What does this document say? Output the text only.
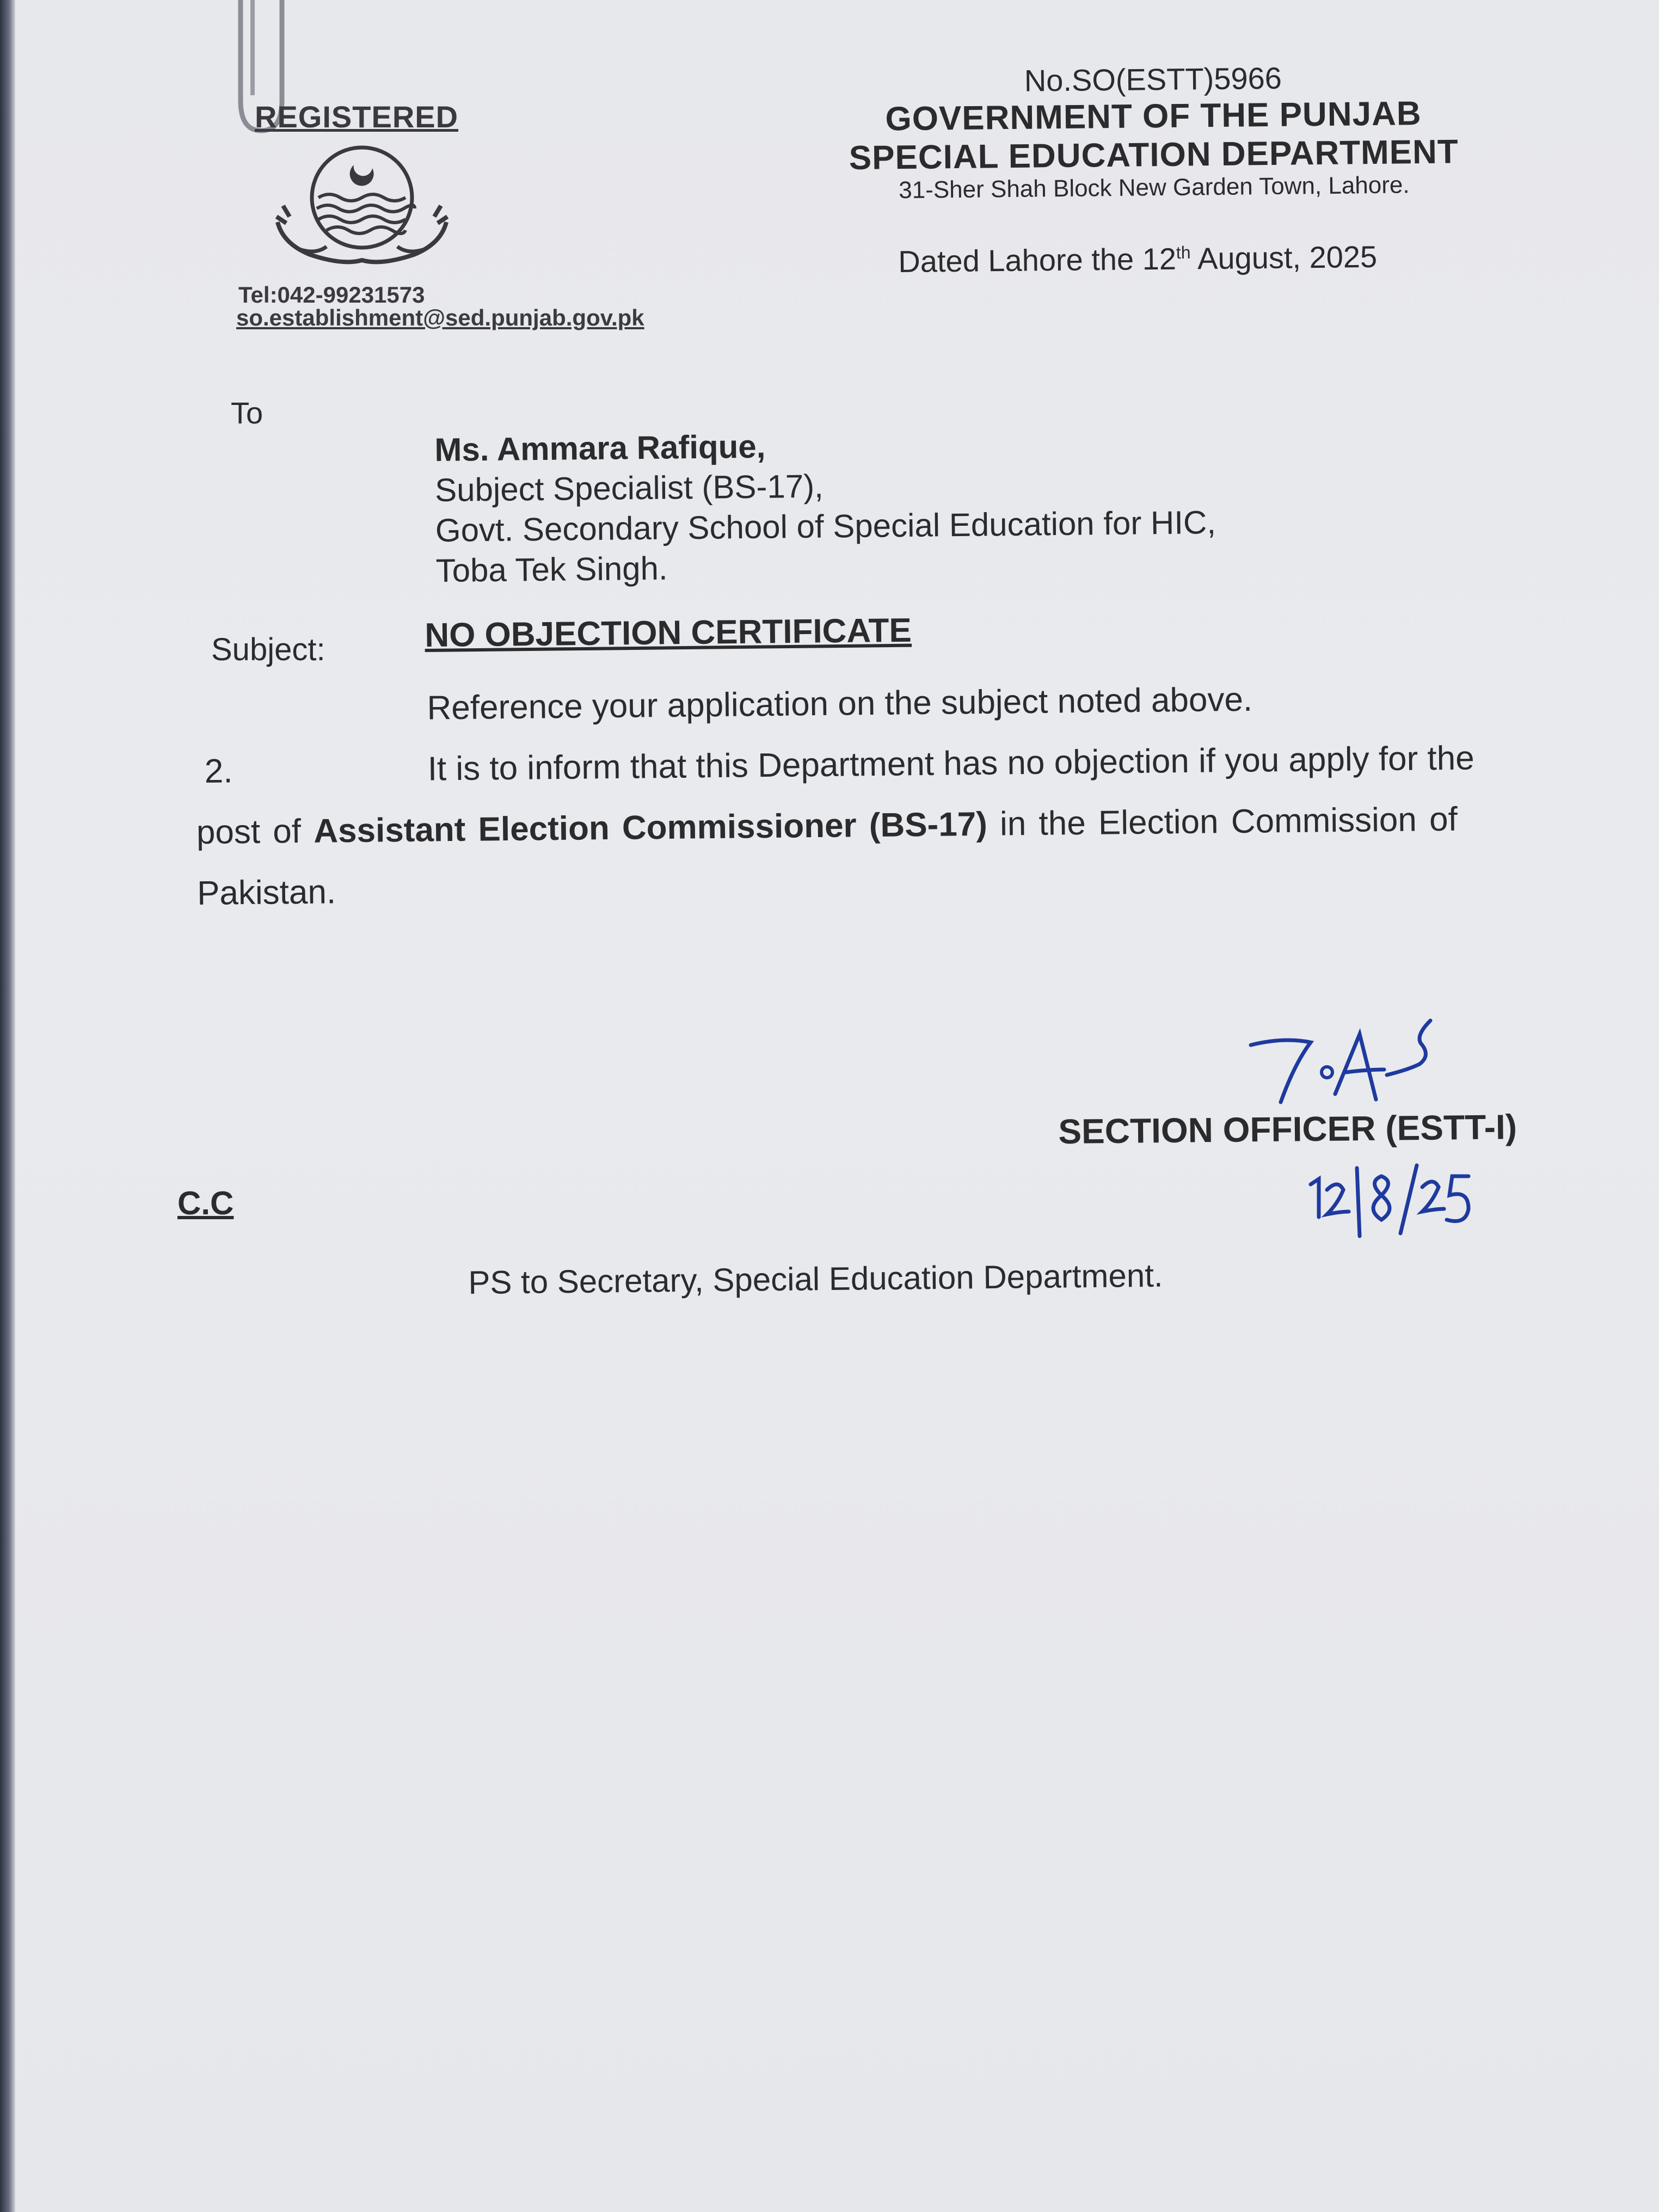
REGISTERED
Tel:042-99231573
so.establishment@sed.punjab.gov.pk
No.SO(ESTT)5966
GOVERNMENT OF THE PUNJAB
SPECIAL EDUCATION DEPARTMENT
31-Sher Shah Block New Garden Town, Lahore.
Dated Lahore the 12th August, 2025
To
Ms. Ammara Rafique,
Subject Specialist (BS-17),
Govt. Secondary School of Special Education for HIC,
Toba Tek Singh.
Subject:	NO OBJECTION CERTIFICATE
Reference your application on the subject noted above.
2.	It is to inform that this Department has no objection if you apply for the
post of Assistant Election Commissioner (BS-17) in the Election Commission of
Pakistan.
SECTION OFFICER (ESTT-I)
C.C
PS to Secretary, Special Education Department.
